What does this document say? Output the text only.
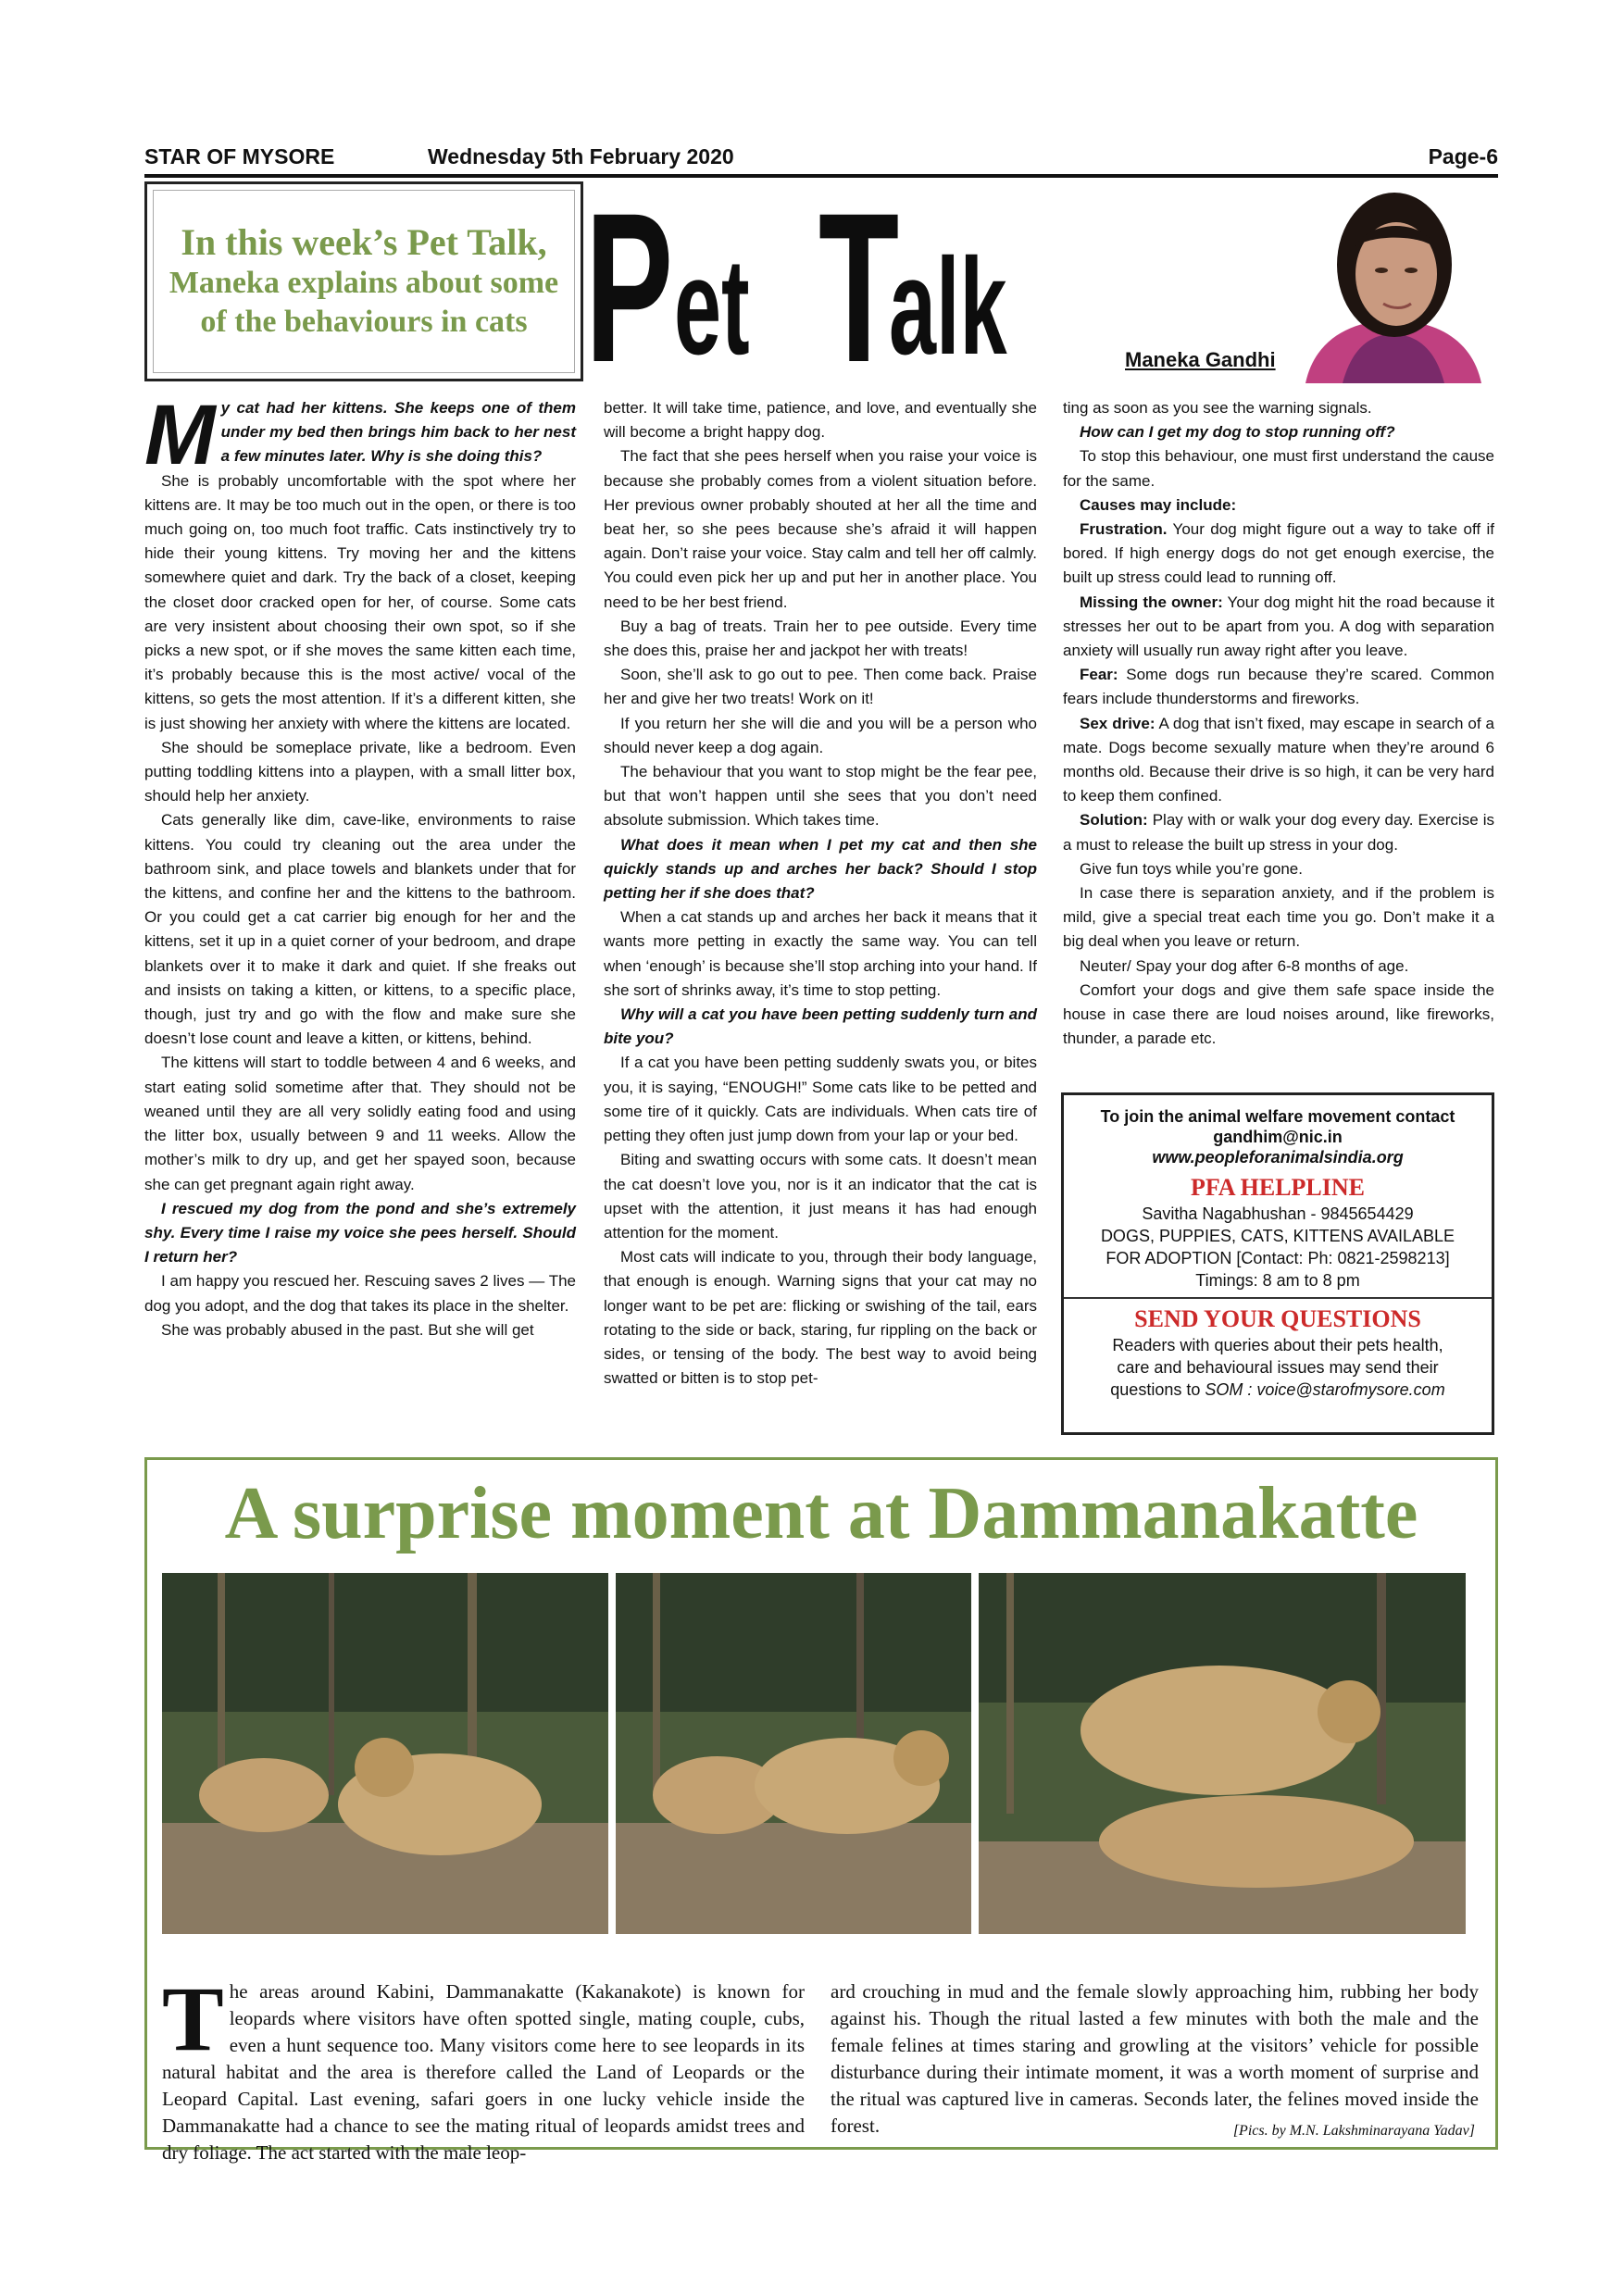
STAR OF MYSORE	Wednesday 5th February 2020	Page-6
In this week’s Pet Talk,
Maneka explains about some
of the behaviours in cats P et T
alk	Maneka Gandhi

My cat had her kittens. She keeps one of them under my bed then brings him back to her nest a few minutes later. Why is she doing this?

She is probably uncomfortable with the spot where her kittens are. It may be too much out in the open, or there is too much going on, too much foot traffic. Cats instinctively try to hide their young kittens. Try moving her and the kittens somewhere quiet and dark. Try the back of a closet, keeping the closet door cracked open for her, of course. Some cats are very insistent about choosing their own spot, so if she picks a new spot, or if she moves the same kitten each time, it’s probably because this is the most active/ vocal of the kittens, so gets the most attention. If it’s a different kitten, she is just showing her anxiety with where the kittens are located.

She should be someplace private, like a bedroom. Even putting toddling kittens into a playpen, with a small litter box, should help her anxiety.

Cats generally like dim, cave-like, environments to raise kittens. You could try cleaning out the area under the bathroom sink, and place towels and blankets under that for the kittens, and confine her and the kittens to the bathroom. Or you could get a cat carrier big enough for her and the kittens, set it up in a quiet corner of your bedroom, and drape blankets over it to make it dark and quiet. If she freaks out and insists on taking a kitten, or kittens, to a specific place, though, just try and go with the flow and make sure she doesn’t lose count and leave a kitten, or kittens, behind.

The kittens will start to toddle between 4 and 6 weeks, and start eating solid sometime after that. They should not be weaned until they are all very solidly eating food and using the litter box, usually between 9 and 11 weeks. Allow the mother’s milk to dry up, and get her spayed soon, because she can get pregnant again right away.

I rescued my dog from the pond and she’s extremely shy. Every time I raise my voice she pees herself. Should I return her?

I am happy you rescued her. Rescuing saves 2 lives — The dog you adopt, and the dog that takes its place in the shelter.

She was probably abused in the past. But she will get

better. It will take time, patience, and love, and eventually she will become a bright happy dog.

The fact that she pees herself when you raise your voice is because she probably comes from a violent situation before. Her previous owner probably shouted at her all the time and beat her, so she pees because she’s afraid it will happen again. Don’t raise your voice. Stay calm and tell her off calmly. You could even pick her up and put her in another place. You need to be her best friend.

Buy a bag of treats. Train her to pee outside. Every time she does this, praise her and jackpot her with treats!

Soon, she’ll ask to go out to pee. Then come back. Praise her and give her two treats! Work on it!

If you return her she will die and you will be a person who should never keep a dog again.

The behaviour that you want to stop might be the fear pee, but that won’t happen until she sees that you don’t need absolute submission. Which takes time.

What does it mean when I pet my cat and then she quickly stands up and arches her back? Should I stop petting her if she does that?

When a cat stands up and arches her back it means that it wants more petting in exactly the same way. You can tell when ‘enough’ is because she’ll stop arching into your hand. If she sort of shrinks away, it’s time to stop petting.

Why will a cat you have been petting suddenly turn and bite you?

If a cat you have been petting suddenly swats you, or bites you, it is saying, “ENOUGH!” Some cats like to be petted and some tire of it quickly. Cats are individuals. When cats tire of petting they often just jump down from your lap or your bed.

Biting and swatting occurs with some cats. It doesn’t mean the cat doesn’t love you, nor is it an indicator that the cat is upset with the attention, it just means it has had enough attention for the moment.

Most cats will indicate to you, through their body language, that enough is enough. Warning signs that your cat may no longer want to be pet are: flicking or swishing of the tail, ears rotating to the side or back, staring, fur rippling on the back or sides, or tensing of the body. The best way to avoid being swatted or bitten is to stop pet-

ting as soon as you see the warning signals.

How can I get my dog to stop running off?

To stop this behaviour, one must first understand the cause for the same.

Causes may include:

Frustration. Your dog might figure out a way to take off if bored. If high energy dogs do not get enough exercise, the built up stress could lead to running off.

Missing the owner: Your dog might hit the road because it stresses her out to be apart from you. A dog with separation anxiety will usually run away right after you leave.

Fear: Some dogs run because they’re scared. Common fears include thunderstorms and fireworks.

Sex drive: A dog that isn’t fixed, may escape in search of a mate. Dogs become sexually mature when they’re around 6 months old. Because their drive is so high, it can be very hard to keep them confined.

Solution: Play with or walk your dog every day. Exercise is a must to release the built up stress in your dog.

Give fun toys while you’re gone.

In case there is separation anxiety, and if the problem is mild, give a special treat each time you go. Don’t make it a big deal when you leave or return.

Neuter/ Spay your dog after 6-8 months of age.

Comfort your dogs and give them safe space inside the house in case there are loud noises around, like fireworks, thunder, a parade etc.

To join the animal welfare movement contact
gandhim@nic.in
www.peopleforanimalsindia.org
PFA HELPLINE
Savitha Nagabhushan - 9845654429
DOGS, PUPPIES, CATS, KITTENS AVAILABLE
FOR ADOPTION [Contact: Ph: 0821-2598213]
Timings: 8 am to 8 pm
SEND YOUR QUESTIONS
Readers with queries about their pets health,
care and behavioural issues may send their
questions to SOM : voice@starofmysore.com
A surprise moment at Dammanakatte

The areas around Kabini, Dammanakatte (Kakanakote) is known for leopards where visitors have often spotted single, mating couple, cubs, even a hunt sequence too. Many visitors come here to see leopards in its natural habitat and the area is therefore called the Land of Leopards or the Leopard Capital. Last evening, safari goers in one lucky vehicle inside the Dammanakatte had a chance to see the mating ritual of leopards amidst trees and dry foliage. The act started with the male leop-

ard crouching in mud and the female slowly approaching him, rubbing her body against his. Though the ritual lasted a few minutes with both the male and the female felines at times staring and growling at the visitors’ vehicle for possible disturbance during their intimate moment, it was a worth moment of surprise and the ritual was captured live in cameras. Seconds later, the felines moved inside the forest.	[Pics. by M.N. Lakshminarayana Yadav]
